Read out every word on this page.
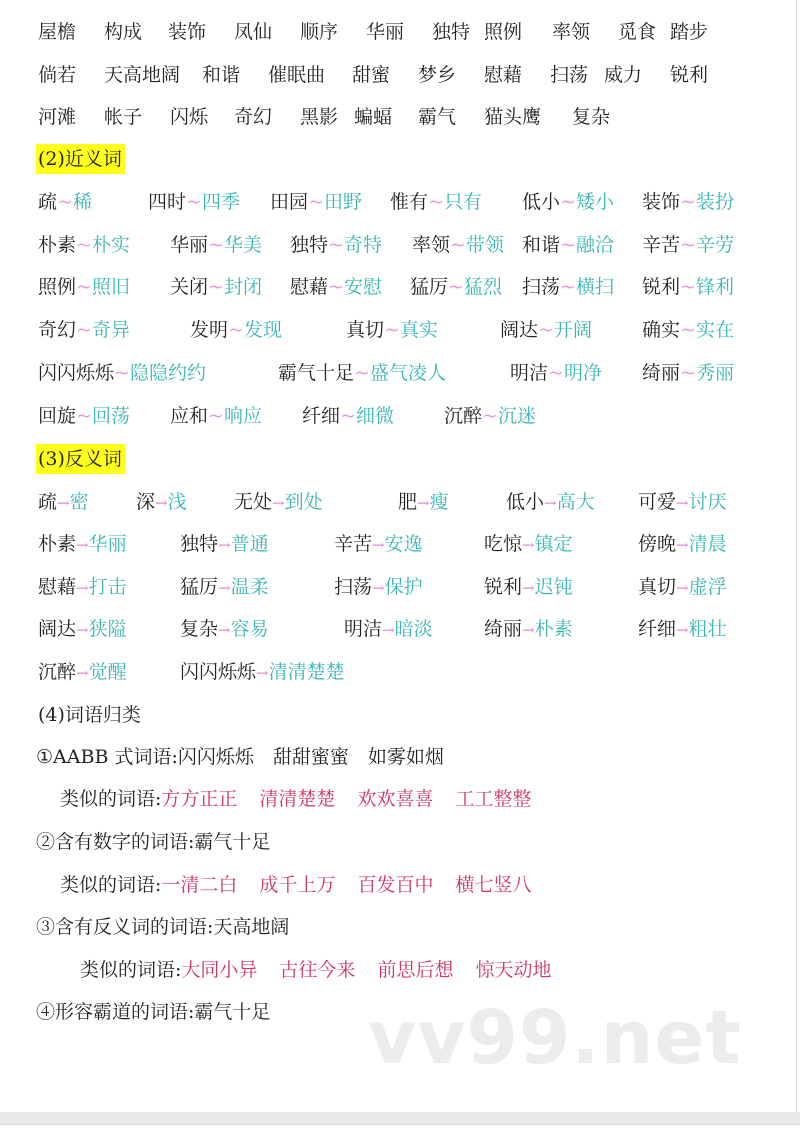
屋檐 构成 装饰 凤仙 顺序 华丽 独特 照例 率领 觅食 踏步
倘若 天高地阔 和谐 催眠曲 甜蜜 梦乡 慰藉 扫荡 威力 锐利
河滩 帐子 闪烁 奇幻 黑影 蝙蝠 霸气 猫头鹰 复杂
(2)近义词
疏~稀	四时~四季 田园~田野 惟有~只有 低小~矮小 装饰~装扮
朴素~朴实 华丽~华美 独特~奇特 率领~带领 和谐~融洽 辛苦~辛劳
照例~照旧 关闭~封闭 慰藉~安慰 猛厉~猛烈 扫荡~横扫 锐利~锋利
奇幻~奇异	发明~发现	真切~真实	阔达~开阔	确实~实在
闪闪烁烁~隐隐约约	霸气十足~盛气凌人	明洁~明净 绮丽~秀丽
回旋~回荡 应和~响应 纤细~细微	沉醉~沉迷
(3)反义词
疏→密 深→浅 无处→到处	肥→瘦	低小→高大 可爱→讨厌
朴素→华丽	独特→普通	辛苦→安逸	吃惊→镇定	傍晚→清晨
慰藉→打击	猛厉→温柔	扫荡→保护	锐利→迟钝	真切→虚浮
阔达→狭隘	复杂→容易	明洁→暗淡	绮丽→朴素	纤细→粗壮
沉醉→觉醒	闪闪烁烁→清清楚楚
(4)词语归类
①AABB 式词语:闪闪烁烁　甜甜蜜蜜　如雾如烟
类似的词语:方方正正 清清楚楚 欢欢喜喜 工工整整
②含有数字的词语:霸气十足
类似的词语:一清二白 成千上万 百发百中 横七竖八
③含有反义词的词语:天高地阔
类似的词语:大同小异 古往今来 前思后想 惊天动地
④形容霸道的词语:霸气十足 vv99.net
